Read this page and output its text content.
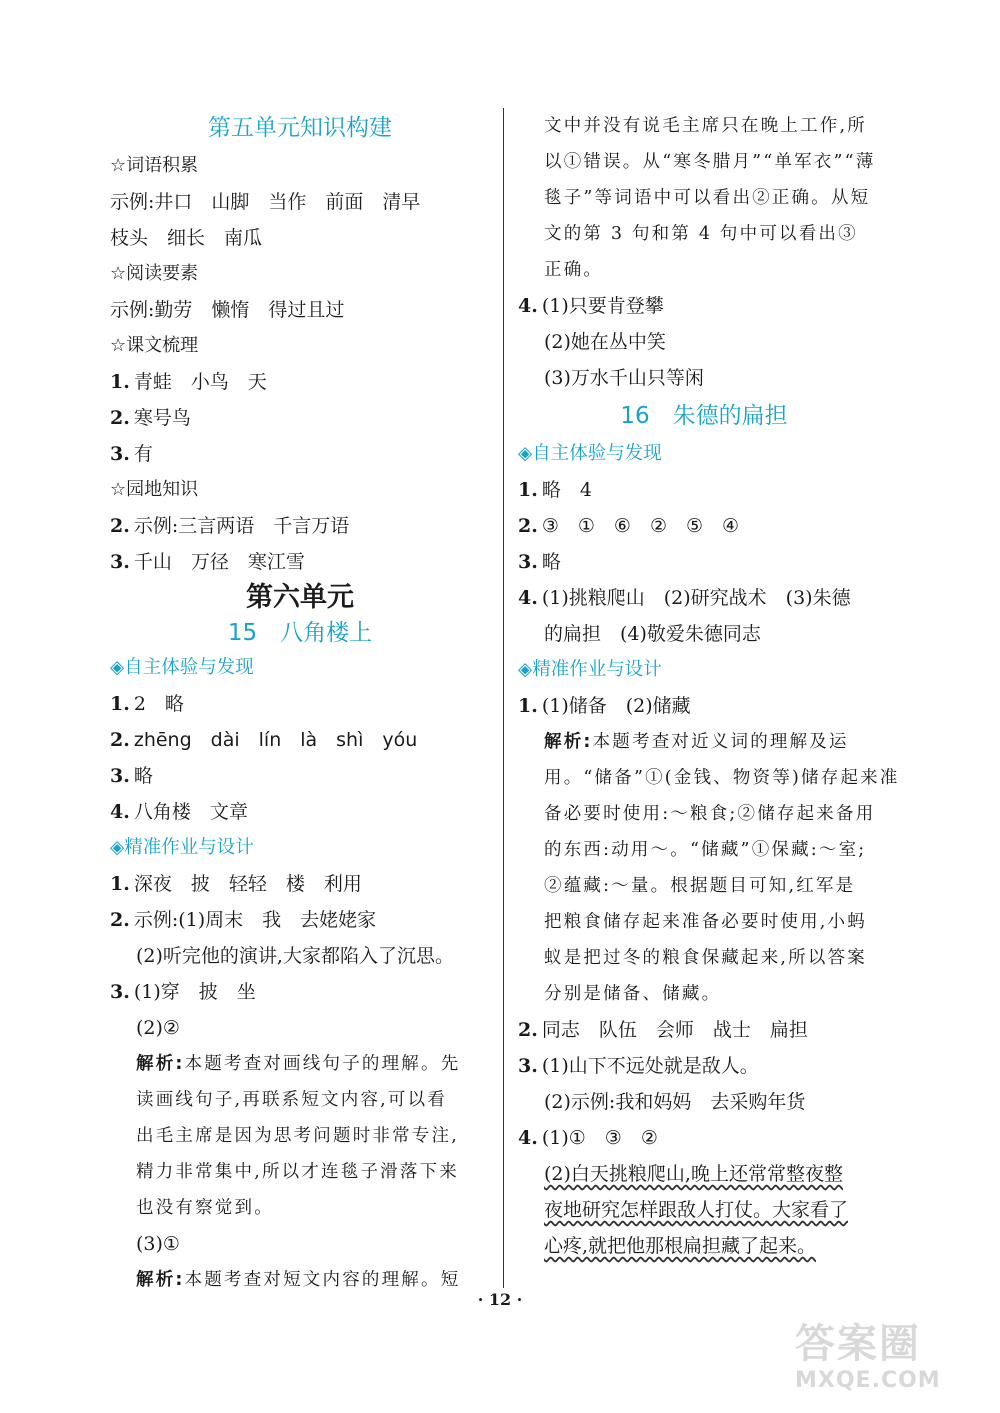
第五单元知识构建
☆词语积累
示例:井口　山脚　当作　前面　清早
枝头　细长　南瓜
☆阅读要素
示例:勤劳　懒惰　得过且过
☆课文梳理
1. 青蛙　小鸟　天
2. 寒号鸟
3. 有
☆园地知识
2. 示例:三言两语　千言万语
3. 千山　万径　寒江雪
第六单元
15　八角楼上
◈自主体验与发现
1. 2　略
2. zhēng　dài　lín　là　shì　yóu
3. 略
4. 八角楼　文章
◈精准作业与设计
1. 深夜　披　轻轻　楼　利用
2. 示例:(1)周末　我　去姥姥家
(2)听完他的演讲,大家都陷入了沉思。
3. (1)穿　披　坐
(2)②
解析:本题考查对画线句子的理解。先
读画线句子,再联系短文内容,可以看
出毛主席是因为思考问题时非常专注,
精力非常集中,所以才连毯子滑落下来
也没有察觉到。
(3)①
解析:本题考查对短文内容的理解。短
文中并没有说毛主席只在晚上工作,所
以①错误。从“寒冬腊月”“单军衣”“薄
毯子”等词语中可以看出②正确。从短
文的第 3 句和第 4 句中可以看出③
正确。
4. (1)只要肯登攀
(2)她在丛中笑
(3)万水千山只等闲
16　朱德的扁担
◈自主体验与发现
1. 略　4
2. ③　①　⑥　②　⑤　④
3. 略
4. (1)挑粮爬山　(2)研究战术　(3)朱德
的扁担　(4)敬爱朱德同志
◈精准作业与设计
1. (1)储备　(2)储藏
解析:本题考查对近义词的理解及运
用。“储备”①(金钱、物资等)储存起来准
备必要时使用:～粮食;②储存起来备用
的东西:动用～。“储藏”①保藏:～室;
②蕴藏:～量。根据题目可知,红军是
把粮食储存起来准备必要时使用,小蚂
蚁是把过冬的粮食保藏起来,所以答案
分别是储备、储藏。
2. 同志　队伍　会师　战士　扁担
3. (1)山下不远处就是敌人。
(2)示例:我和妈妈　去采购年货
4. (1)①　③　②
(2)白天挑粮爬山,晚上还常常整夜整
夜地研究怎样跟敌人打仗。大家看了
心疼,就把他那根扁担藏了起来。
· 12 ·
答案圈
MXQE.COM
